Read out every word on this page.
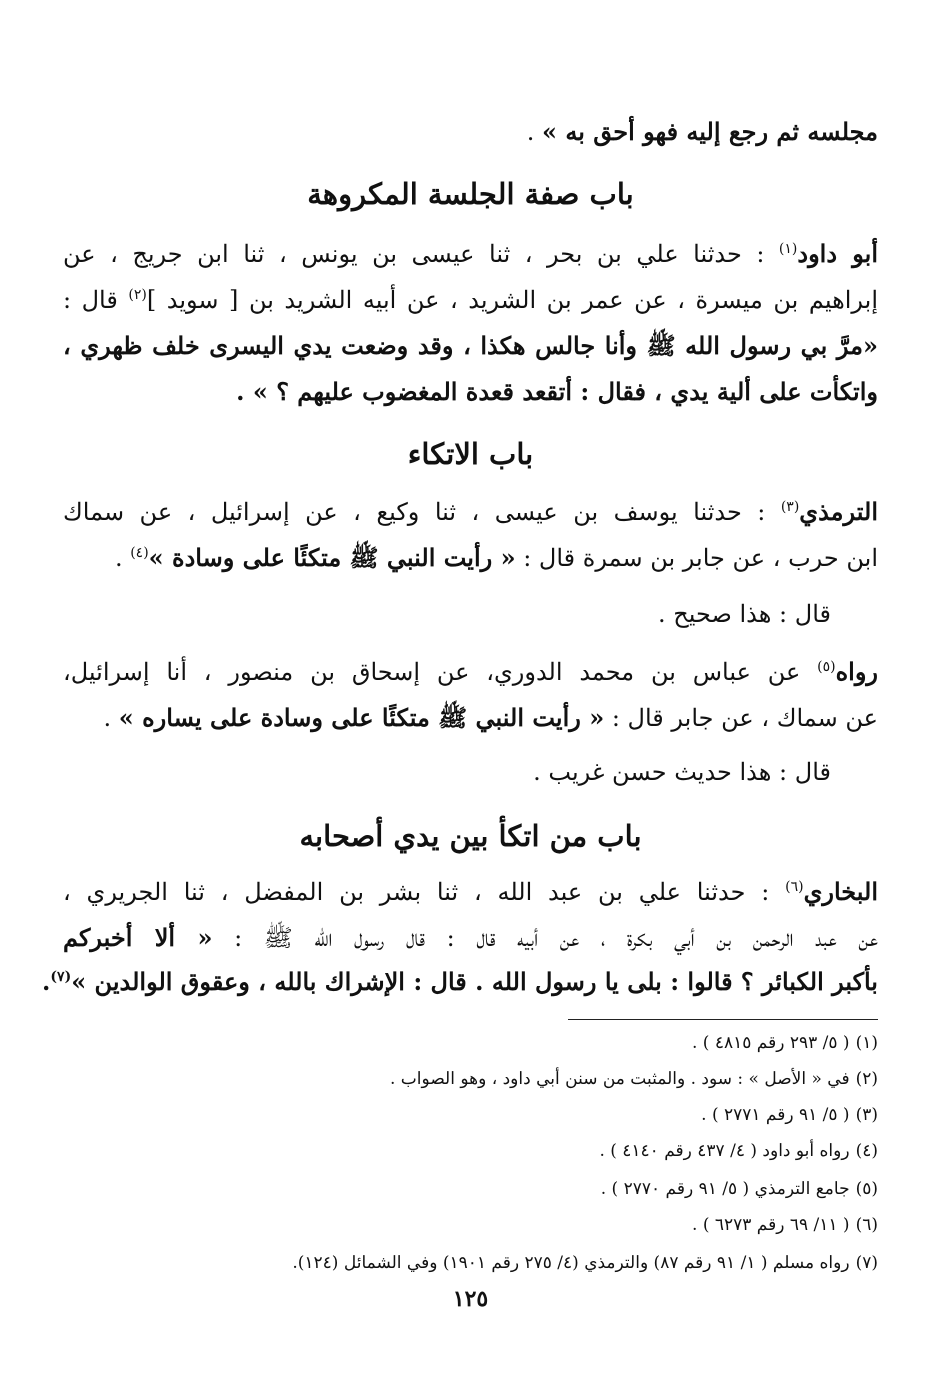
مجلسه ثم رجع إليه فهو أحق به » .
باب صفة الجلسة المكروهة
أبو داود$^{(١)}$ : حدثنا علي بن بحر ، ثنا عيسى بن يونس ، ثنا ابن جريج ، عن
إبراهيم بن ميسرة ، عن عمر بن الشريد ، عن أبيه الشريد بن [ سويد ]$^{(٢)}$ قال :
«مرَّ بي رسول الله ﷺ وأنا جالس هكذا ، وقد وضعت يدي اليسرى خلف ظهري ،
واتكأت على ألية يدي ، فقال : أتقعد قعدة المغضوب عليهم ؟ » .
باب الاتكاء
الترمذي$^{(٣)}$ : حدثنا يوسف بن عيسى ، ثنا وكيع ، عن إسرائيل ، عن سماك
ابن حرب ، عن جابر بن سمرة قال : « رأيت النبي ﷺ متكئًا على وسادة »$^{(٤)}$ .
قال : هذا صحيح .
رواه$^{(٥)}$ عن عباس بن محمد الدوري، عن إسحاق بن منصور ، أنا إسرائيل،
عن سماك ، عن جابر قال : « رأيت النبي ﷺ متكئًا على وسادة على يساره » .
قال : هذا حديث حسن غريب .
باب من اتكأ بين يدي أصحابه
البخاري$^{(٦)}$ : حدثنا علي بن عبد الله ، ثنا بشر بن المفضل ، ثنا الجريري ،
عن عبد الرحمن بن أبي بكرة ، عن أبيه قال : قال رسول الله ﷺ : « ألا أخبركم
بأكبر الكبائر ؟ قالوا : بلى يا رسول الله . قال : الإشراك بالله ، وعقوق الوالدين »$^{(٧)}$.
(١)( ٥/ ٢٩٣ رقم ٤٨١٥ ) .
(٢)في « الأصل » : سود . والمثبت من سنن أبي داود ، وهو الصواب .
(٣)( ٥/ ٩١ رقم ٢٧٧١ ) .
(٤)رواه أبو داود ( ٤/ ٤٣٧ رقم ٤١٤٠ ) .
(٥)جامع الترمذي ( ٥/ ٩١ رقم ٢٧٧٠ ) .
(٦)( ١١/ ٦٩ رقم ٦٢٧٣ ) .
(٧)رواه مسلم ( ١/ ٩١ رقم ٨٧) والترمذي (٤/ ٢٧٥ رقم ١٩٠١) وفي الشمائل (١٢٤).
١٢٥
